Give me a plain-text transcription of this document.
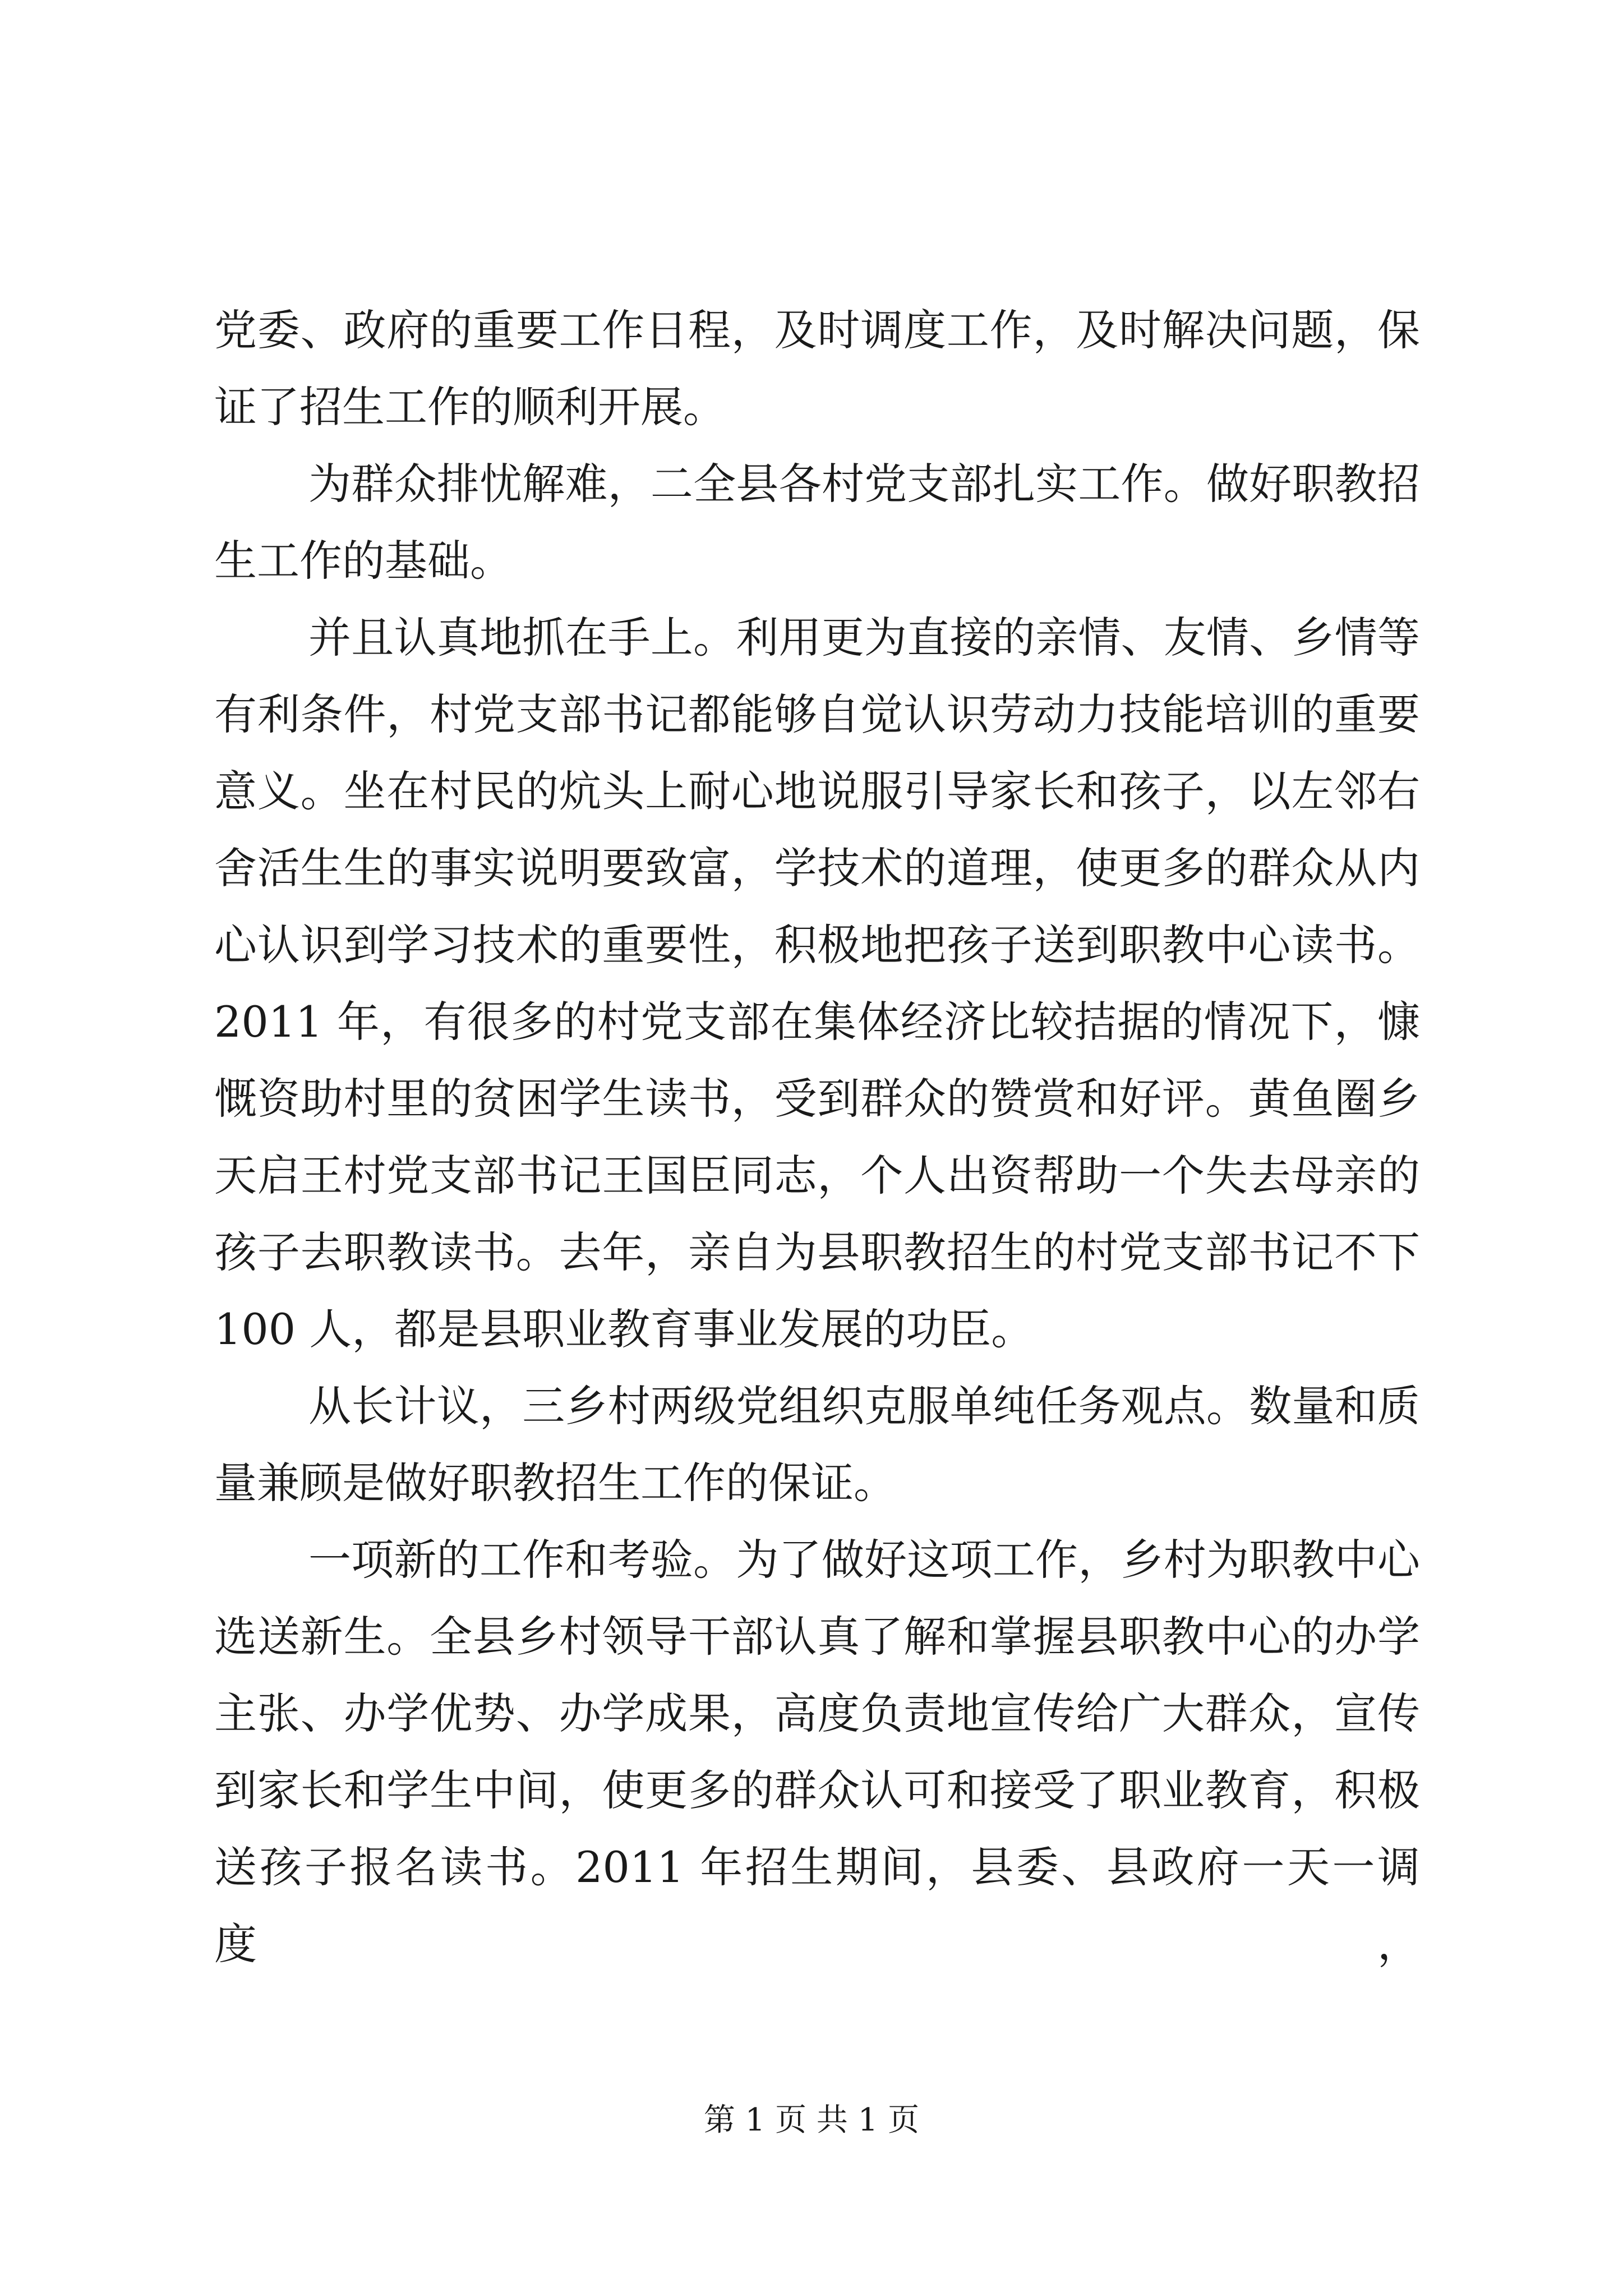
党委、政府的重要工作日程，及时调度工作，及时解决问题，保
证了招生工作的顺利开展。
为群众排忧解难，二全县各村党支部扎实工作。做好职教招
生工作的基础。
并且认真地抓在手上。利用更为直接的亲情、友情、乡情等
有利条件，村党支部书记都能够自觉认识劳动力技能培训的重要
意义。坐在村民的炕头上耐心地说服引导家长和孩子，以左邻右
舍活生生的事实说明要致富，学技术的道理，使更多的群众从内
心认识到学习技术的重要性，积极地把孩子送到职教中心读书。
2011 年，有很多的村党支部在集体经济比较拮据的情况下，慷
慨资助村里的贫困学生读书，受到群众的赞赏和好评。黄鱼圈乡
天启王村党支部书记王国臣同志，个人出资帮助一个失去母亲的
孩子去职教读书。去年，亲自为县职教招生的村党支部书记不下
100 人，都是县职业教育事业发展的功臣。
从长计议，三乡村两级党组织克服单纯任务观点。数量和质
量兼顾是做好职教招生工作的保证。
一项新的工作和考验。为了做好这项工作，乡村为职教中心
选送新生。全县乡村领导干部认真了解和掌握县职教中心的办学
主张、办学优势、办学成果，高度负责地宣传给广大群众，宣传
到家长和学生中间，使更多的群众认可和接受了职业教育，积极
送孩子报名读书。2011 年招生期间，县委、县政府一天一调度，
第 1 页 共 1 页
